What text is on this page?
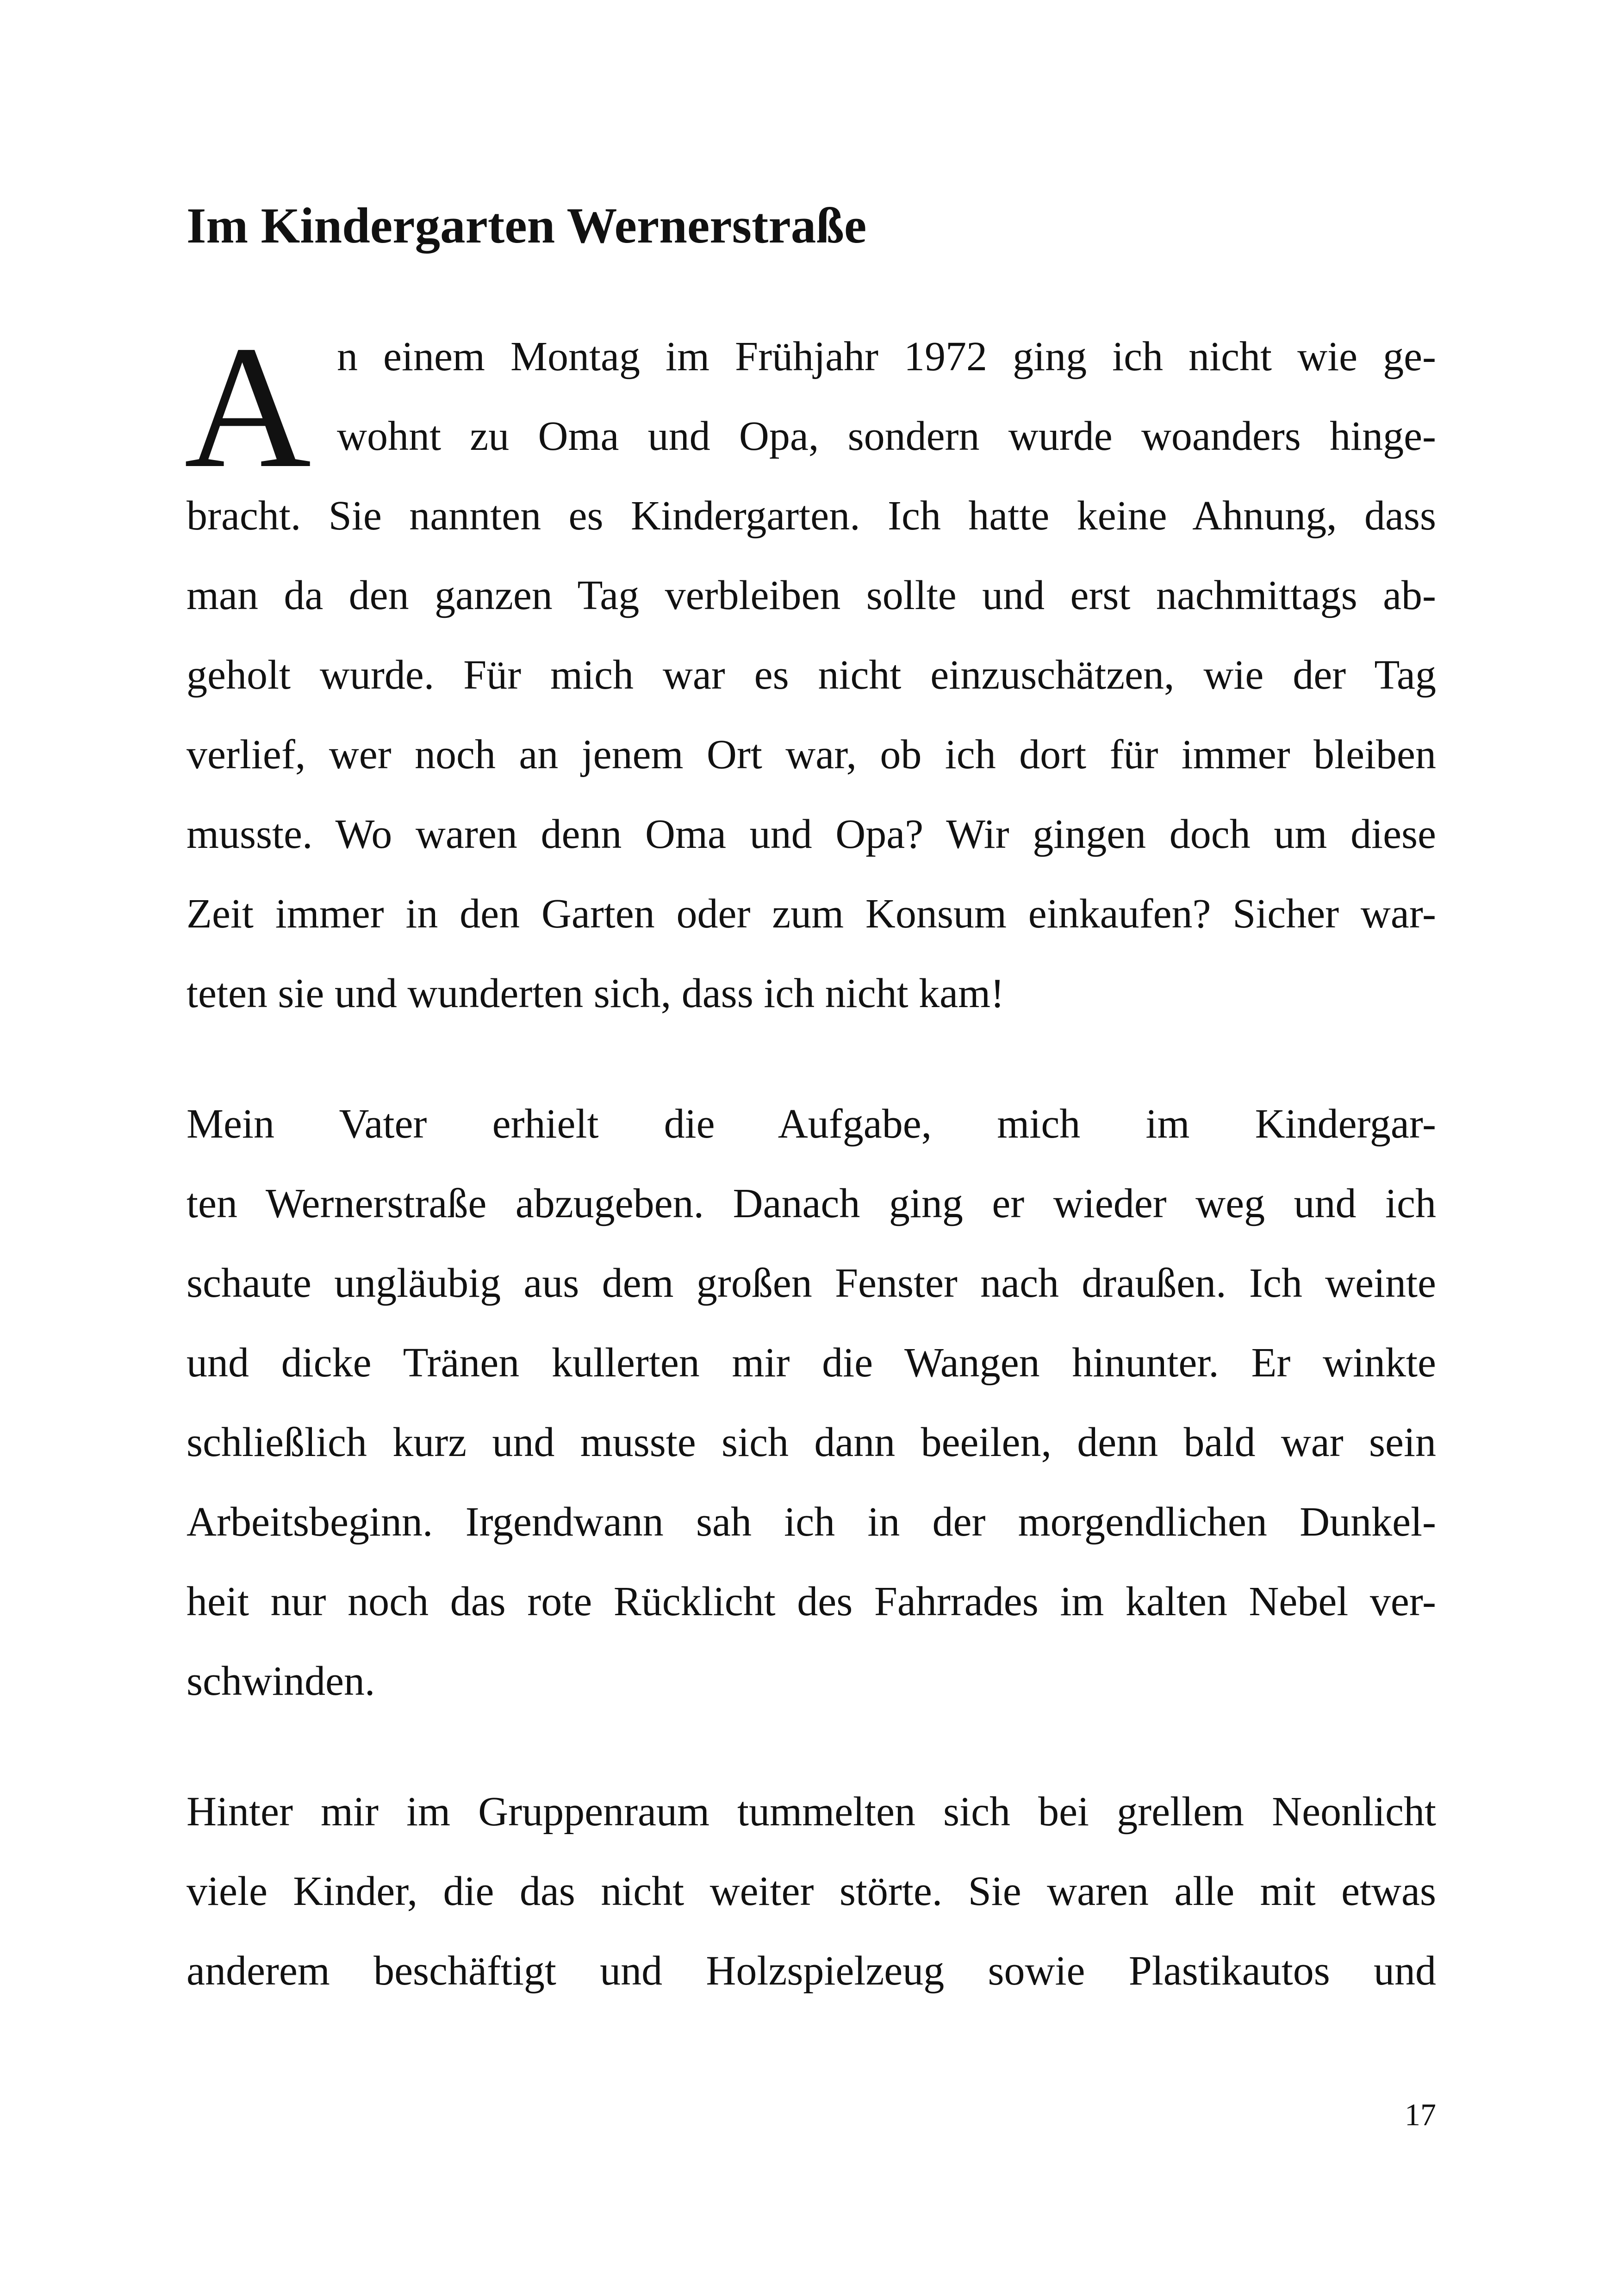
Im Kindergarten Wernerstraße
A n einem Montag im Frühjahr 1972 ging ich nicht wie ge-
wohnt zu Oma und Opa, sondern wurde woanders hinge-
bracht. Sie nannten es Kindergarten. Ich hatte keine Ahnung, dass
man da den ganzen Tag verbleiben sollte und erst nachmittags ab-
geholt wurde. Für mich war es nicht einzuschätzen, wie der Tag
verlief, wer noch an jenem Ort war, ob ich dort für immer bleiben
musste. Wo waren denn Oma und Opa? Wir gingen doch um diese
Zeit immer in den Garten oder zum Konsum einkaufen? Sicher war-
teten sie und wunderten sich, dass ich nicht kam!
Mein Vater erhielt die Aufgabe, mich im Kindergar-
ten Wernerstraße abzugeben. Danach ging er wieder weg und ich
schaute ungläubig aus dem großen Fenster nach draußen. Ich weinte
und dicke Tränen kullerten mir die Wangen hinunter. Er winkte
schließlich kurz und musste sich dann beeilen, denn bald war sein
Arbeitsbeginn. Irgendwann sah ich in der morgendlichen Dunkel-
heit nur noch das rote Rücklicht des Fahrrades im kalten Nebel ver-
schwinden.
Hinter mir im Gruppenraum tummelten sich bei grellem Neonlicht
viele Kinder, die das nicht weiter störte. Sie waren alle mit etwas
anderem beschäftigt und Holzspielzeug sowie Plastikautos und
17
